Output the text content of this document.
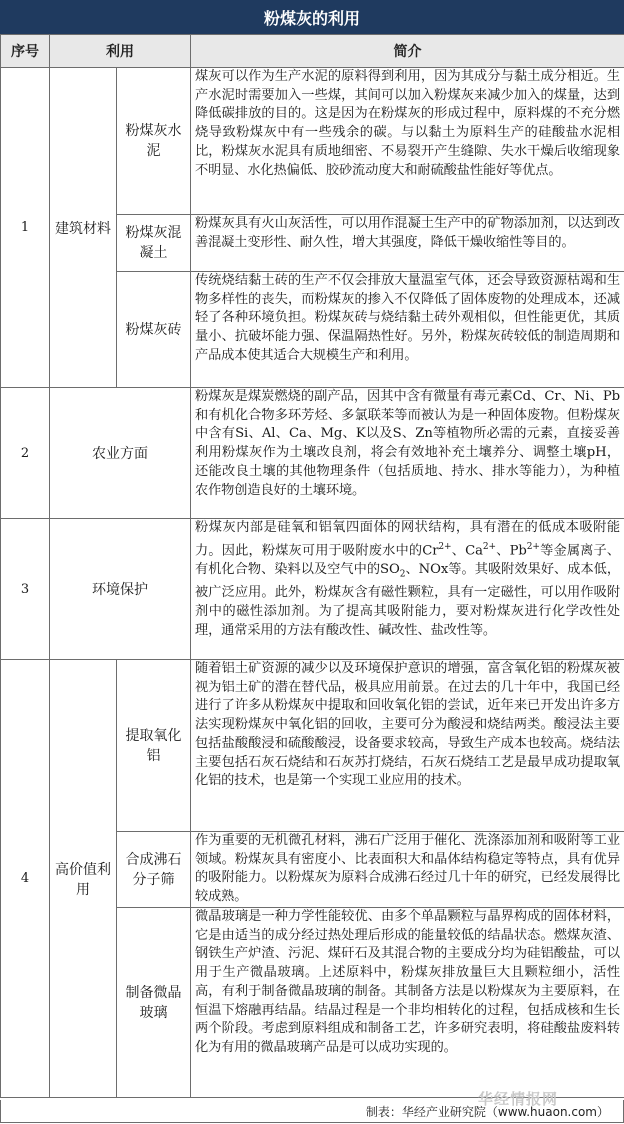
粉煤灰的利用
序号	利用		简介
1	建筑材料	粉煤灰水泥	煤灰可以作为生产水泥的原料得到利用，因为其成分与黏土成分相近。生产水泥时需要加入一些煤，其间可以加入粉煤灰来减少加入的煤量，达到降低碳排放的目的。这是因为在粉煤灰的形成过程中，原料煤的不充分燃烧导致粉煤灰中有一些残余的碳。与以黏土为原料生产的硅酸盐水泥相比，粉煤灰水泥具有质地细密、不易裂开产生缝隙、失水干燥后收缩现象不明显、水化热偏低、胶砂流动度大和耐硫酸盐性能好等优点。
		粉煤灰混凝土	粉煤灰具有火山灰活性，可以用作混凝土生产中的矿物添加剂，以达到改善混凝土变形性、耐久性，增大其强度，降低干燥收缩性等目的。
		粉煤灰砖	传统烧结黏土砖的生产不仅会排放大量温室气体，还会导致资源枯竭和生物多样性的丧失，而粉煤灰的掺入不仅降低了固体废物的处理成本，还减轻了各种环境负担。粉煤灰砖与烧结黏土砖外观相似，但性能更优，其质量小、抗破坏能力强、保温隔热性好。另外，粉煤灰砖较低的制造周期和产品成本使其适合大规模生产和利用。
2	农业方面		粉煤灰是煤炭燃烧的副产品，因其中含有微量有毒元素Cd、Cr、Ni、Pb和有机化合物多环芳烃、多氯联苯等而被认为是一种固体废物。但粉煤灰中含有Si、Al、Ca、Mg、K以及S、Zn等植物所必需的元素，直接妥善利用粉煤灰作为土壤改良剂，将会有效地补充土壤养分、调整土壤pH，还能改良土壤的其他物理条件（包括质地、持水、排水等能力），为种植农作物创造良好的土壤环境。
3	环境保护		粉煤灰内部是硅氧和铝氧四面体的网状结构，具有潜在的低成本吸附能力。因此，粉煤灰可用于吸附废水中的$Cr^{2+}$、$Ca^{2+}$、$Pb^{2+}$等金属离子、有机化合物、染料以及空气中的$SO_2$、NOx等。其吸附效果好、成本低，被广泛应用。此外，粉煤灰含有磁性颗粒，具有一定磁性，可以用作吸附剂中的磁性添加剂。为了提高其吸附能力，要对粉煤灰进行化学改性处理，通常采用的方法有酸改性、碱改性、盐改性等。
4	高价值利用	提取氧化铝	随着铝土矿资源的减少以及环境保护意识的增强，富含氧化铝的粉煤灰被视为铝土矿的潜在替代品，极具应用前景。在过去的几十年中，我国已经进行了许多从粉煤灰中提取和回收氧化铝的尝试，近年来已开发出许多方法实现粉煤灰中氧化铝的回收，主要可分为酸浸和烧结两类。酸浸法主要包括盐酸酸浸和硫酸酸浸，设备要求较高，导致生产成本也较高。烧结法主要包括石灰石烧结和石灰苏打烧结，石灰石烧结工艺是最早成功提取氧化铝的技术，也是第一个实现工业应用的技术。
		合成沸石分子筛	作为重要的无机微孔材料，沸石广泛用于催化、洗涤添加剂和吸附等工业领域。粉煤灰具有密度小、比表面积大和晶体结构稳定等特点，具有优异的吸附能力。以粉煤灰为原料合成沸石经过几十年的研究，已经发展得比较成熟。
		制备微晶玻璃	微晶玻璃是一种力学性能较优、由多个单晶颗粒与晶界构成的固体材料，它是由适当的成分经过热处理后形成的能量较低的结晶状态。燃煤灰渣、钢铁生产炉渣、污泥、煤矸石及其混合物的主要成分均为硅铝酸盐，可以用于生产微晶玻璃。上述原料中，粉煤灰排放量巨大且颗粒细小，活性高，有利于制备微晶玻璃的制备。其制备方法是以粉煤灰为主要原料，在恒温下熔融再结晶。结晶过程是一个非均相转化的过程，包括成核和生长两个阶段。考虑到原料组成和制备工艺，许多研究表明，将硅酸盐废料转化为有用的微晶玻璃产品是可以成功实现的。
制表：华经产业研究院（www.huaon.com）
华经情报网
